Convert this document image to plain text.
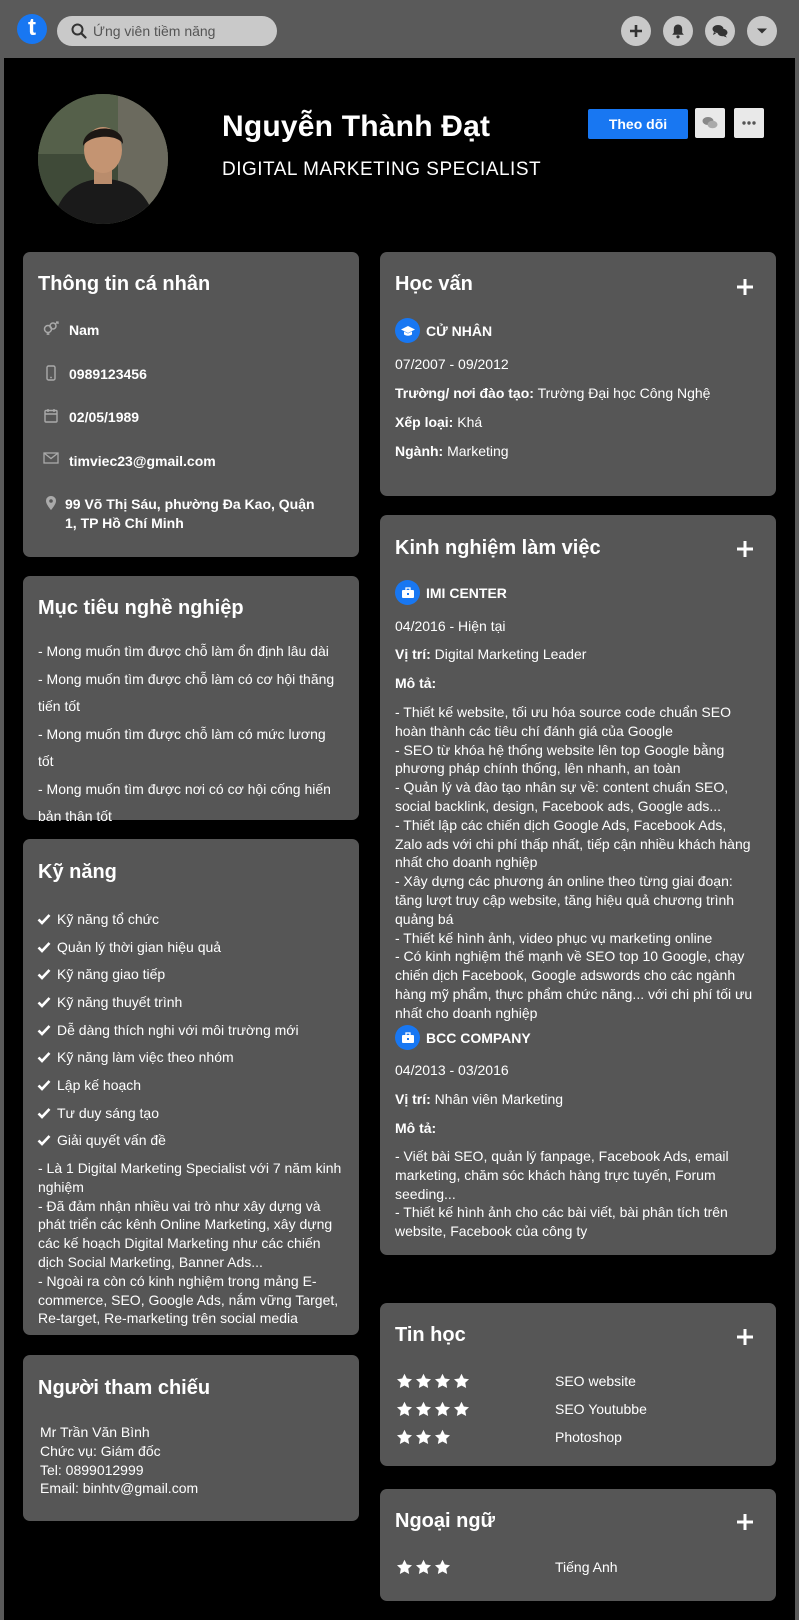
t
Ứng viên tiềm năng
Nguyễn Thành Đạt
DIGITAL MARKETING SPECIALIST
Theo dõi
Thông tin cá nhân
Nam
0989123456
02/05/1989
timviec23@gmail.com
99 Võ Thị Sáu, phường Đa Kao, Quận 1, TP Hồ Chí Minh
Mục tiêu nghề nghiệp
- Mong muốn tìm được chỗ làm ổn định lâu dài
- Mong muốn tìm được chỗ làm có cơ hội thăng tiến tốt
- Mong muốn tìm được chỗ làm có mức lương tốt
- Mong muốn tìm được nơi có cơ hội cống hiến bản thân tốt
Kỹ năng
Kỹ năng tổ chức
Quản lý thời gian hiệu quả
Kỹ năng giao tiếp
Kỹ năng thuyết trình
Dễ dàng thích nghi với môi trường mới
Kỹ năng làm việc theo nhóm
Lập kế hoạch
Tư duy sáng tạo
Giải quyết vấn đề
- Là 1 Digital Marketing Specialist với 7 năm kinh nghiệm
- Đã đảm nhận nhiều vai trò như xây dựng và phát triển các kênh Online Marketing, xây dựng các kế hoạch Digital Marketing như các chiến dịch Social Marketing, Banner Ads...
- Ngoài ra còn có kinh nghiệm trong mảng E-commerce, SEO, Google Ads, nắm vững Target, Re-target, Re-marketing trên social media
Người tham chiếu
Mr Trần Văn Bình
Chức vụ: Giám đốc
Tel: 0899012999
Email: binhtv@gmail.com
Học vấn
CỬ NHÂN
07/2007 - 09/2012
Trường/ nơi đào tạo: Trường Đại học Công Nghệ
Xếp loại: Khá
Ngành: Marketing
Kinh nghiệm làm việc
IMI CENTER
04/2016 - Hiện tại
Vị trí: Digital Marketing Leader
Mô tả:
- Thiết kế website, tối ưu hóa source code chuẩn SEO hoàn thành các tiêu chí đánh giá của Google
- SEO từ khóa hệ thống website lên top Google bằng phương pháp chính thống, lên nhanh, an toàn
- Quản lý và đào tạo nhân sự về: content chuẩn SEO, social backlink, design, Facebook ads, Google ads...
- Thiết lập các chiến dịch Google Ads, Facebook Ads, Zalo ads với chi phí thấp nhất, tiếp cận nhiều khách hàng nhất cho doanh nghiệp
- Xây dựng các phương án online theo từng giai đoạn: tăng lượt truy cập website, tăng hiệu quả chương trình quảng bá
- Thiết kế hình ảnh, video phục vụ marketing online
- Có kinh nghiệm thế mạnh về SEO top 10 Google, chạy chiến dịch Facebook, Google adswords cho các ngành hàng mỹ phẩm, thực phẩm chức năng... với chi phí tối ưu nhất cho doanh nghiệp
BCC COMPANY
04/2013 - 03/2016
Vị trí: Nhân viên Marketing
Mô tả:
- Viết bài SEO, quản lý fanpage, Facebook Ads, email marketing, chăm sóc khách hàng trực tuyến, Forum seeding...
- Thiết kế hình ảnh cho các bài viết, bài phân tích trên website, Facebook của công ty
Tin học
SEO website
SEO Youtubbe
Photoshop
Ngoại ngữ
Tiếng Anh
